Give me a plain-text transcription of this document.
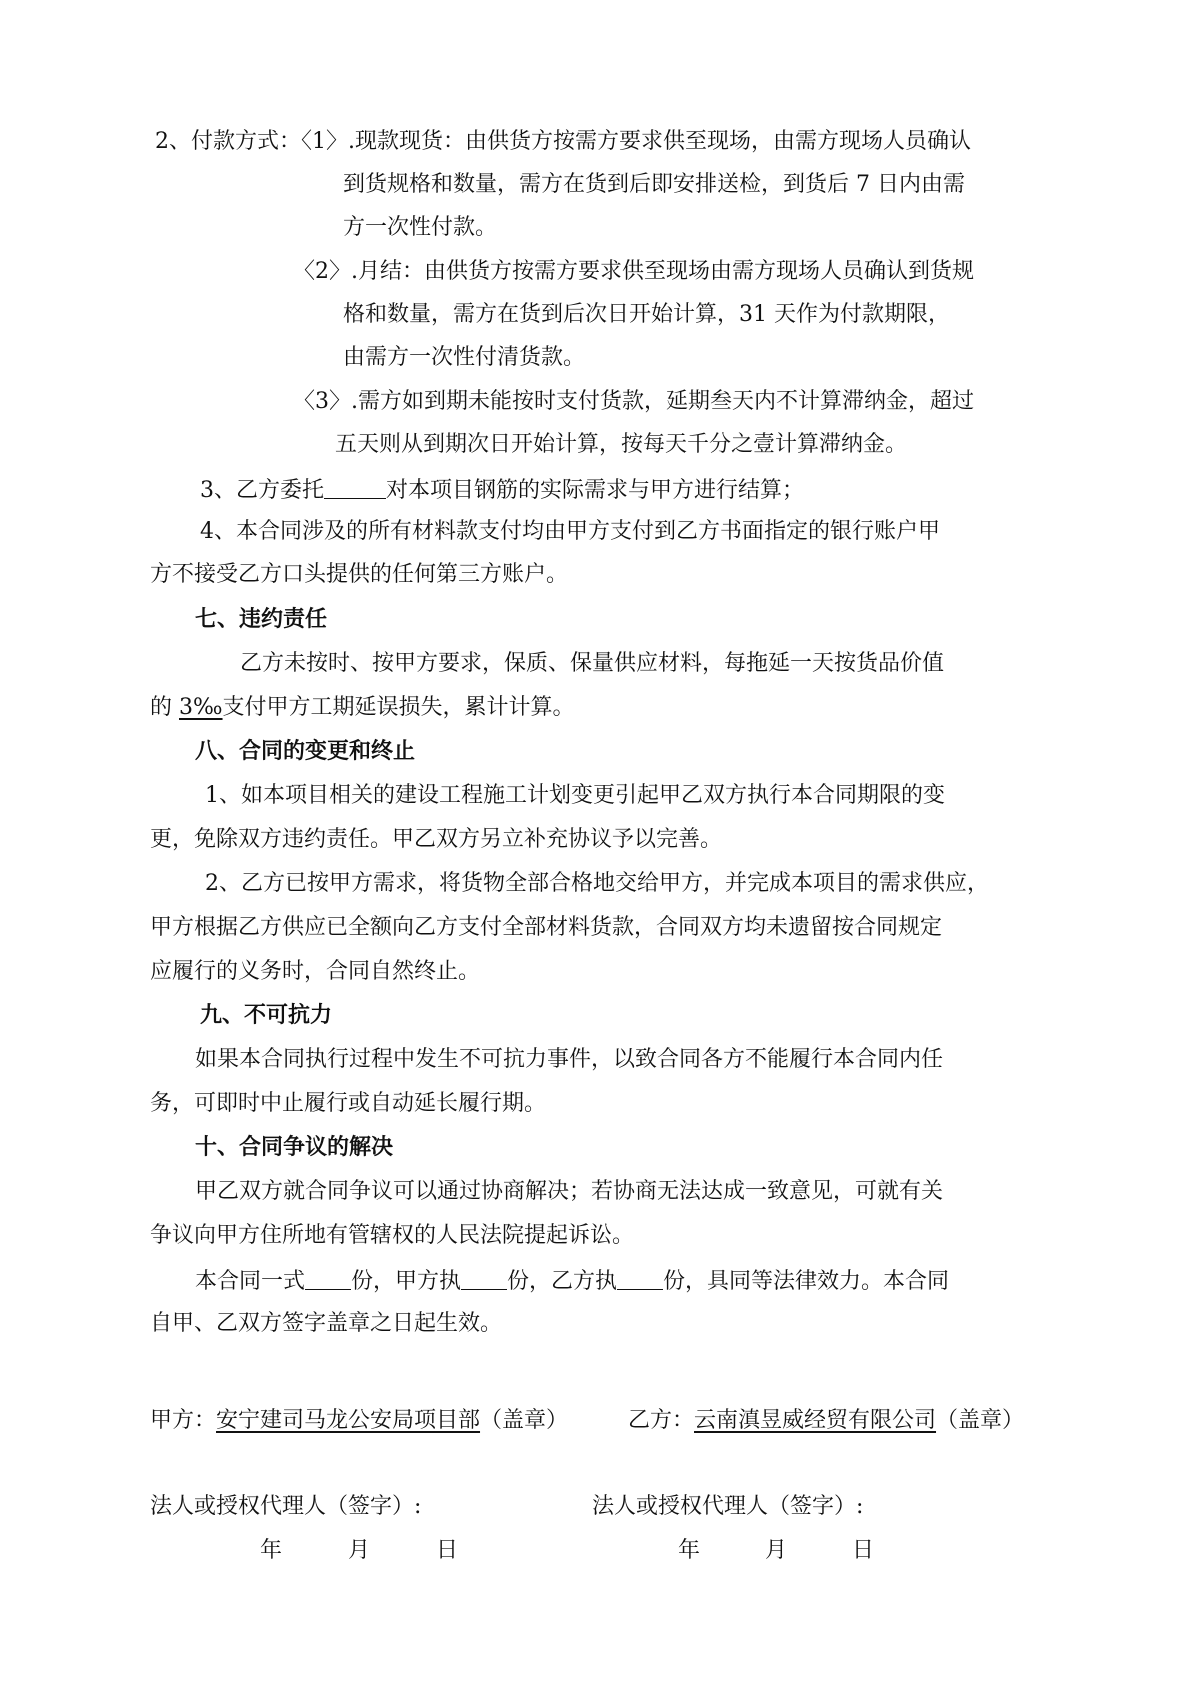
2、付款方式：〈1〉.现款现货：由供货方按需方要求供至现场，由需方现场人员确认
到货规格和数量，需方在货到后即安排送检，到货后 7 日内由需
方一次性付款。
〈2〉.月结：由供货方按需方要求供至现场由需方现场人员确认到货规
格和数量，需方在货到后次日开始计算，31 天作为付款期限，
由需方一次性付清货款。
〈3〉.需方如到期未能按时支付货款，延期叁天内不计算滞纳金，超过
五天则从到期次日开始计算，按每天千分之壹计算滞纳金。
3、乙方委托	对本项目钢筋的实际需求与甲方进行结算；
4、本合同涉及的所有材料款支付均由甲方支付到乙方书面指定的银行账户甲
方不接受乙方口头提供的任何第三方账户。
七、违约责任
乙方未按时、按甲方要求，保质、保量供应材料，每拖延一天按货品价值
的 3‰支付甲方工期延误损失，累计计算。
八、合同的变更和终止
1、如本项目相关的建设工程施工计划变更引起甲乙双方执行本合同期限的变
更，免除双方违约责任。甲乙双方另立补充协议予以完善。
2、乙方已按甲方需求，将货物全部合格地交给甲方，并完成本项目的需求供应，
甲方根据乙方供应已全额向乙方支付全部材料货款，合同双方均未遗留按合同规定
应履行的义务时，合同自然终止。
九、不可抗力
如果本合同执行过程中发生不可抗力事件，以致合同各方不能履行本合同内任
务，可即时中止履行或自动延长履行期。
十、合同争议的解决
甲乙双方就合同争议可以通过协商解决；若协商无法达成一致意见，可就有关
争议向甲方住所地有管辖权的人民法院提起诉讼。
本合同一式 份，甲方执 份，乙方执 份，具同等法律效力。本合同
自甲、乙双方签字盖章之日起生效。
甲方：安宁建司马龙公安局项目部（盖章）	乙方：云南滇昱威经贸有限公司（盖章）
法人或授权代理人（签字）:	法人或授权代理人（签字）:
年	月	日	年	月	日
